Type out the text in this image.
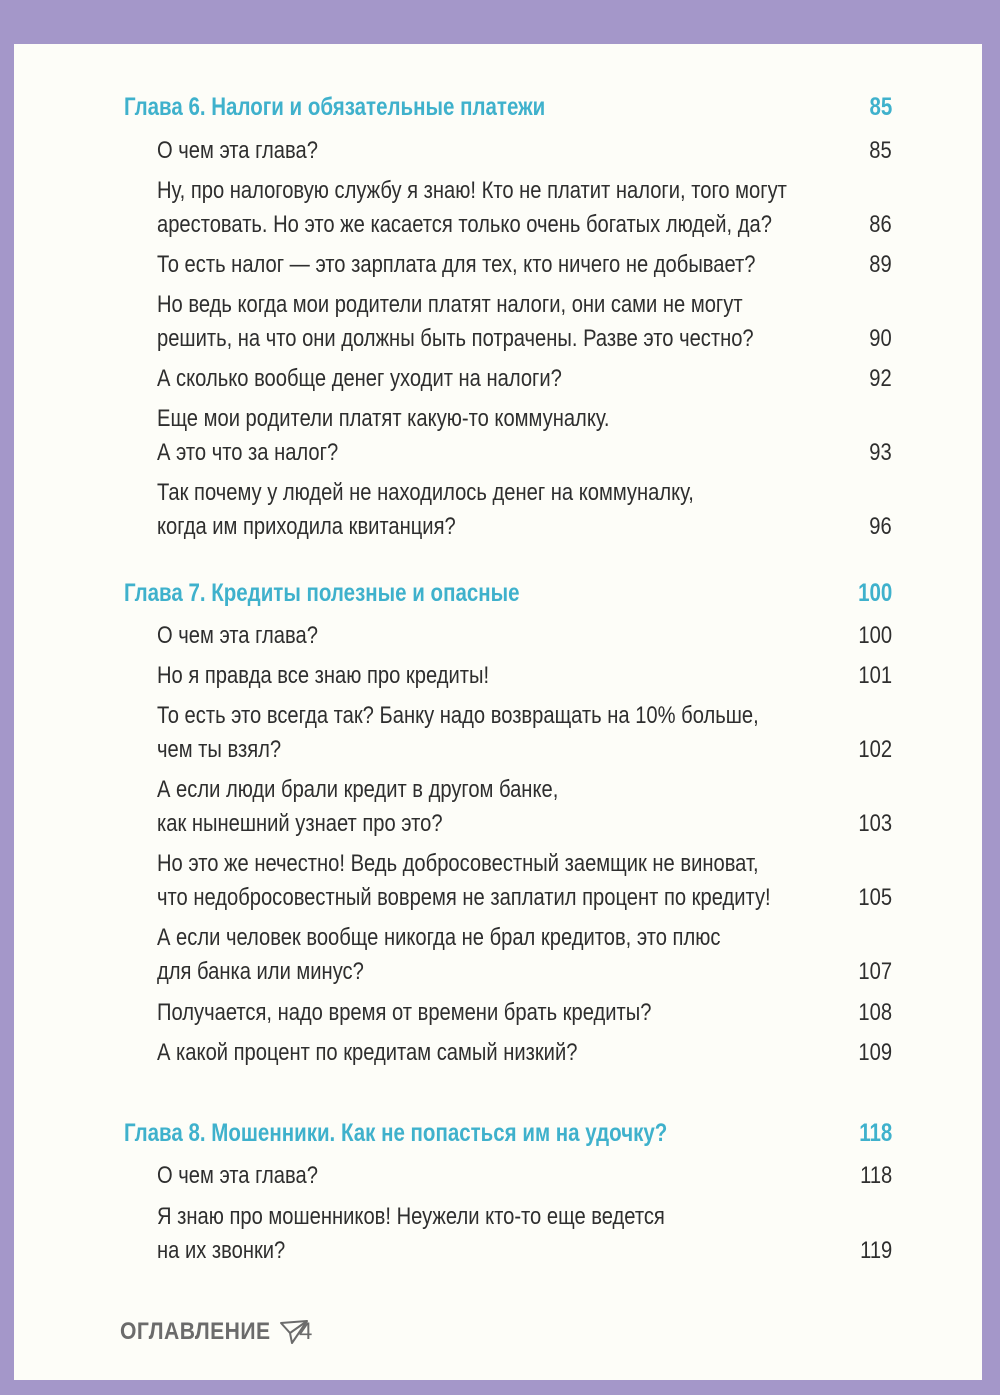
Глава 6. Налоги и обязательные платежи	85
О чем эта глава?	85
Ну, про налоговую службу я знаю! Кто не платит налоги, того могут
арестовать. Но это же касается только очень богатых людей, да?	86
То есть налог — это зарплата для тех, кто ничего не добывает?	89
Но ведь когда мои родители платят налоги, они сами не могут
решить, на что они должны быть потрачены. Разве это честно?	90
А сколько вообще денег уходит на налоги?	92
Еще мои родители платят какую-то коммуналку.
А это что за налог?	93
Так почему у людей не находилось денег на коммуналку,
когда им приходила квитанция?	96
Глава 7. Кредиты полезные и опасные	100
О чем эта глава?	100
Но я правда все знаю про кредиты!	101
То есть это всегда так? Банку надо возвращать на 10% больше,
чем ты взял?	102
А если люди брали кредит в другом банке,
как нынешний узнает про это?	103
Но это же нечестно! Ведь добросовестный заемщик не виноват,
что недобросовестный вовремя не заплатил процент по кредиту!	105
А если человек вообще никогда не брал кредитов, это плюс
для банка или минус?	107
Получается, надо время от времени брать кредиты?	108
А какой процент по кредитам самый низкий?	109
Глава 8. Мошенники. Как не попасться им на удочку?	118
О чем эта глава?	118
Я знаю про мошенников! Неужели кто-то еще ведется
на их звонки?	119
ОГЛАВЛЕНИЕ 4
